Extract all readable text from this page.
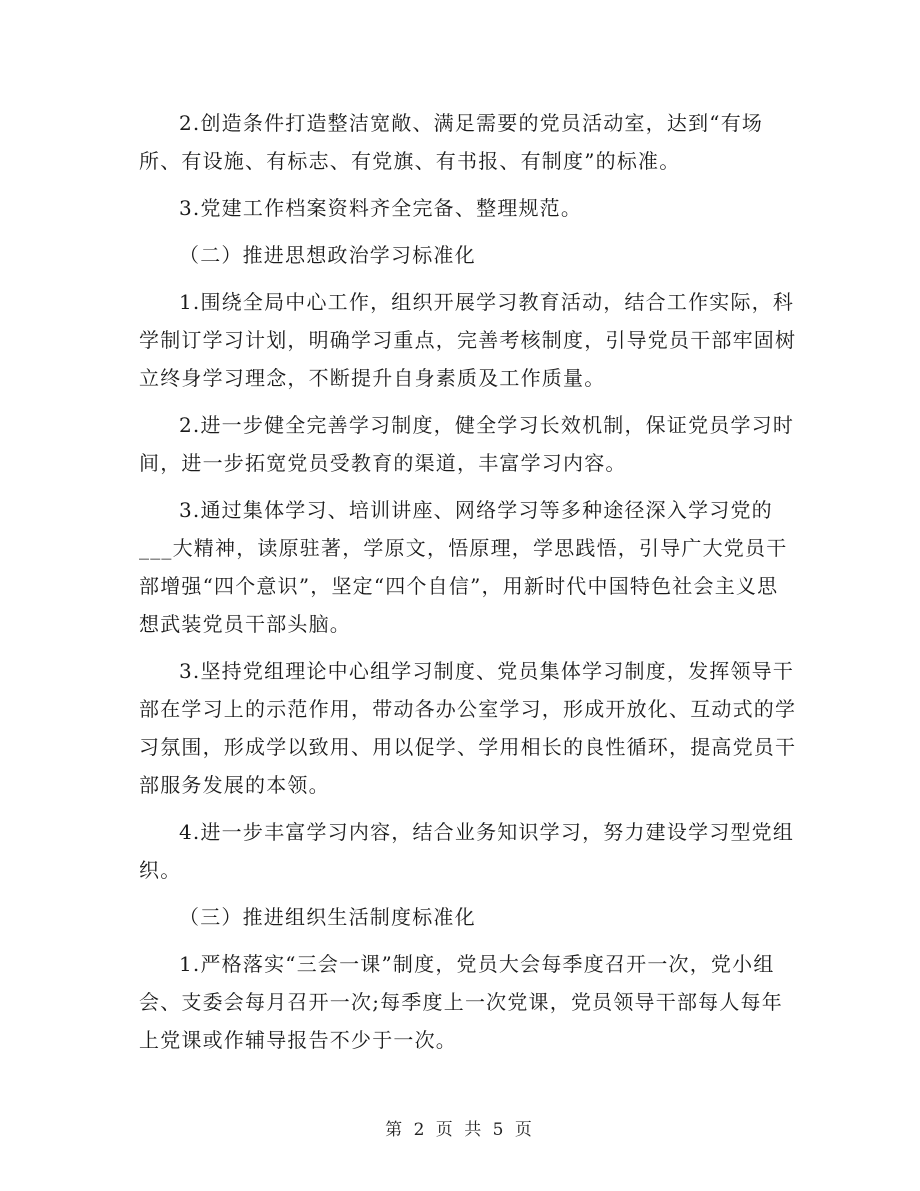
2.创造条件打造整洁宽敞、满足需要的党员活动室，达到“有场所、有设施、有标志、有党旗、有书报、有制度”的标准。

3.党建工作档案资料齐全完备、整理规范。

（二）推进思想政治学习标准化

1.围绕全局中心工作，组织开展学习教育活动，结合工作实际，科学制订学习计划，明确学习重点，完善考核制度，引导党员干部牢固树立终身学习理念，不断提升自身素质及工作质量。

2.进一步健全完善学习制度，健全学习长效机制，保证党员学习时间，进一步拓宽党员受教育的渠道，丰富学习内容。

3.通过集体学习、培训讲座、网络学习等多种途径深入学习党的___大精神，读原驻著，学原文，悟原理，学思践悟，引导广大党员干部增强“四个意识”，坚定“四个自信”，用新时代中国特色社会主义思想武装党员干部头脑。

3.坚持党组理论中心组学习制度、党员集体学习制度，发挥领导干部在学习上的示范作用，带动各办公室学习，形成开放化、互动式的学习氛围，形成学以致用、用以促学、学用相长的良性循环，提高党员干部服务发展的本领。

4.进一步丰富学习内容，结合业务知识学习，努力建设学习型党组织。

（三）推进组织生活制度标准化

1.严格落实“三会一课”制度，党员大会每季度召开一次，党小组会、支委会每月召开一次;每季度上一次党课，党员领导干部每人每年上党课或作辅导报告不少于一次。

第 2 页 共 5 页
